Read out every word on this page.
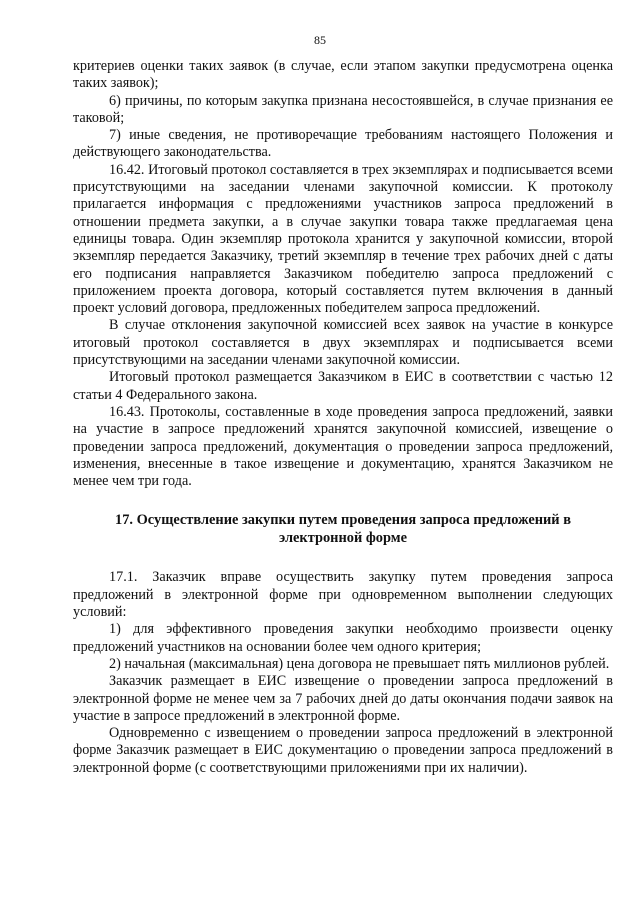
85

критериев оценки таких заявок (в случае, если этапом закупки предусмотрена оценка таких заявок);

6) причины, по которым закупка признана несостоявшейся, в случае признания ее таковой;

7) иные сведения, не противоречащие требованиям настоящего Положения и действующего законодательства.

16.42. Итоговый протокол составляется в трех экземплярах и подписывается всеми присутствующими на заседании членами закупочной комиссии. К протоколу прилагается информация с предложениями участников запроса предложений в отношении предмета закупки, а в случае закупки товара также предлагаемая цена единицы товара. Один экземпляр протокола хранится у закупочной комиссии, второй экземпляр передается Заказчику, третий экземпляр в течение трех рабочих дней с даты его подписания направляется Заказчиком победителю запроса предложений с приложением проекта договора, который составляется путем включения в данный проект условий договора, предложенных победителем запроса предложений.

В случае отклонения закупочной комиссией всех заявок на участие в конкурсе итоговый протокол составляется в двух экземплярах и подписывается всеми присутствующими на заседании членами закупочной комиссии.

Итоговый протокол размещается Заказчиком в ЕИС в соответствии с частью 12 статьи 4 Федерального закона.

16.43. Протоколы, составленные в ходе проведения запроса предложений, заявки на участие в запросе предложений хранятся закупочной комиссией, извещение о проведении запроса предложений, документация о проведении запроса предложений, изменения, внесенные в такое извещение и документацию, хранятся Заказчиком не менее чем три года.

17. Осуществление закупки путем проведения запроса предложений в электронной форме

17.1. Заказчик вправе осуществить закупку путем проведения запроса предложений в электронной форме при одновременном выполнении следующих условий:

1) для эффективного проведения закупки необходимо произвести оценку предложений участников на основании более чем одного критерия;

2) начальная (максимальная) цена договора не превышает пять миллионов рублей.

Заказчик размещает в ЕИС извещение о проведении запроса предложений в электронной форме не менее чем за 7 рабочих дней до даты окончания подачи заявок на участие в запросе предложений в электронной форме.

Одновременно с извещением о проведении запроса предложений в электронной форме Заказчик размещает в ЕИС документацию о проведении запроса предложений в электронной форме (с соответствующими приложениями при их наличии).
